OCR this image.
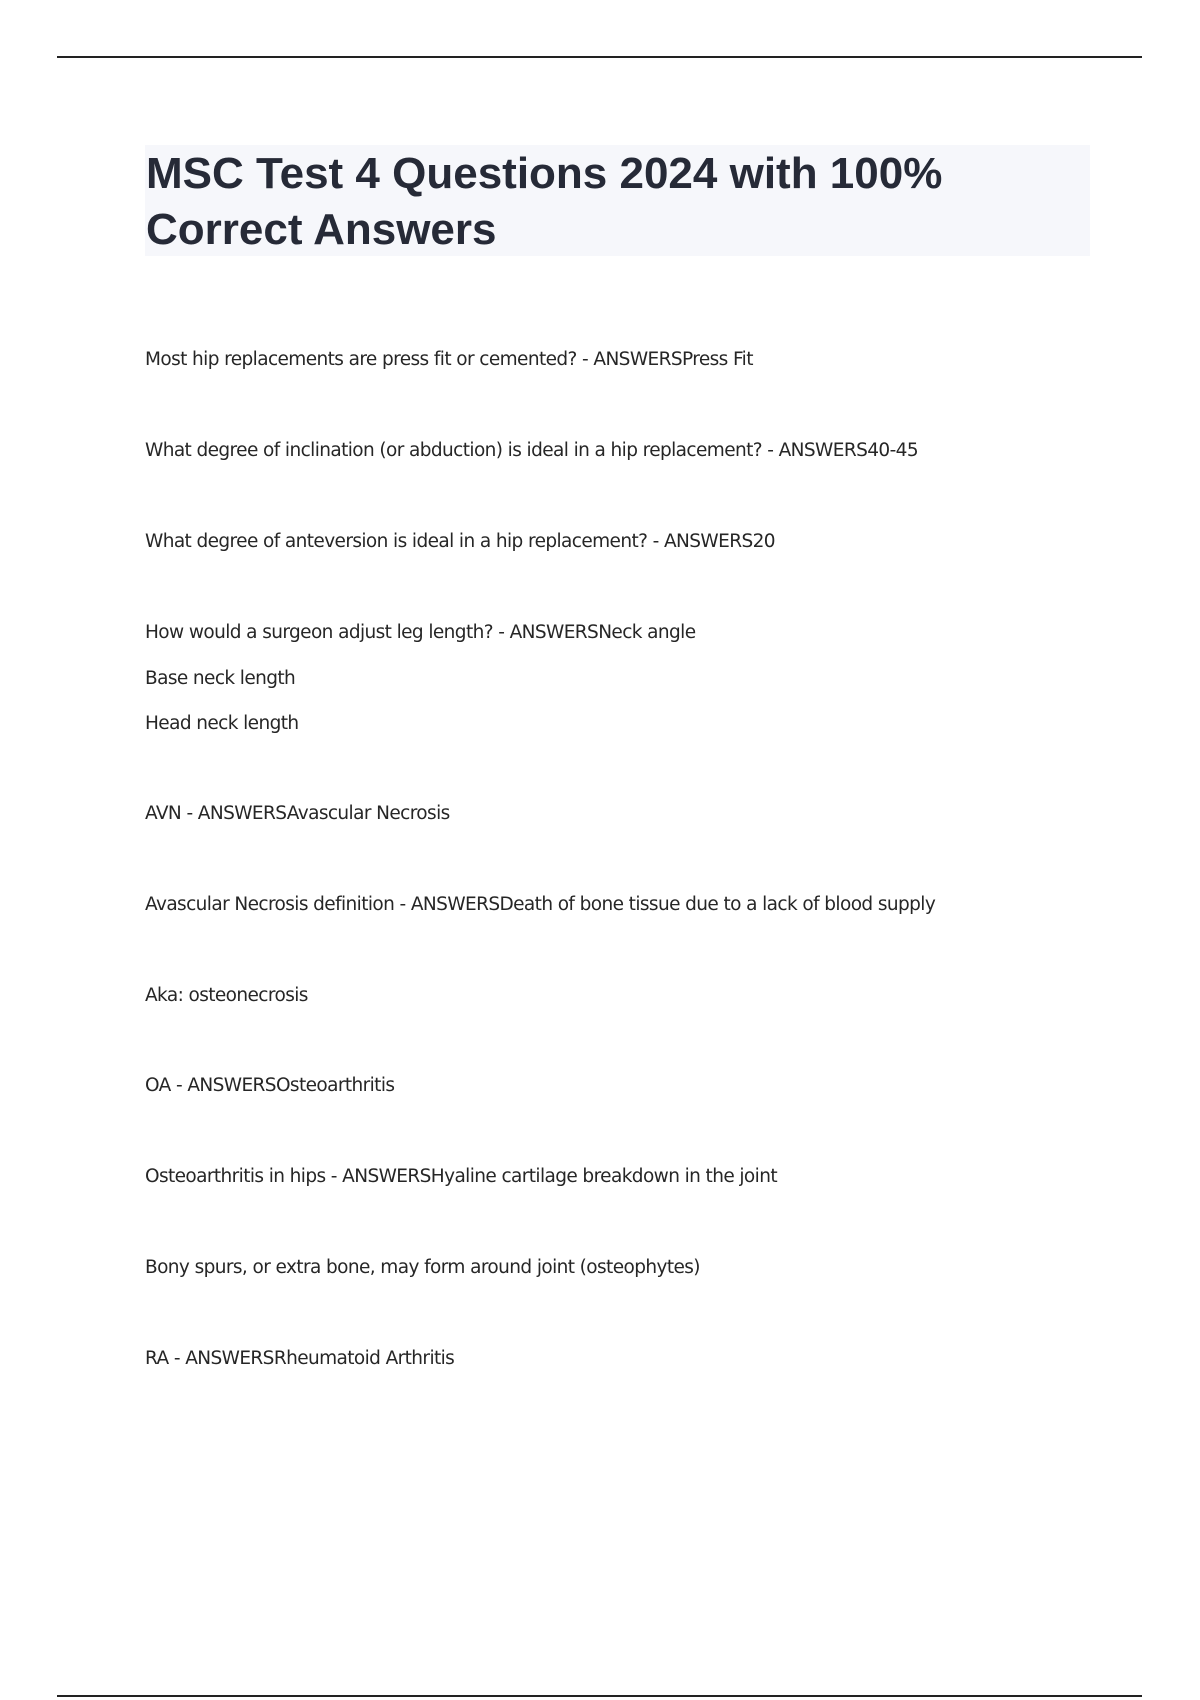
MSC Test 4 Questions 2024 with 100% Correct Answers
Most hip replacements are press fit or cemented? - ANSWERSPress Fit
What degree of inclination (or abduction) is ideal in a hip replacement? - ANSWERS40-45
What degree of anteversion is ideal in a hip replacement? - ANSWERS20
How would a surgeon adjust leg length? - ANSWERSNeck angle
Base neck length
Head neck length
AVN - ANSWERSAvascular Necrosis
Avascular Necrosis definition - ANSWERSDeath of bone tissue due to a lack of blood supply
Aka: osteonecrosis
OA - ANSWERSOsteoarthritis
Osteoarthritis in hips - ANSWERSHyaline cartilage breakdown in the joint
Bony spurs, or extra bone, may form around joint (osteophytes)
RA - ANSWERSRheumatoid Arthritis
